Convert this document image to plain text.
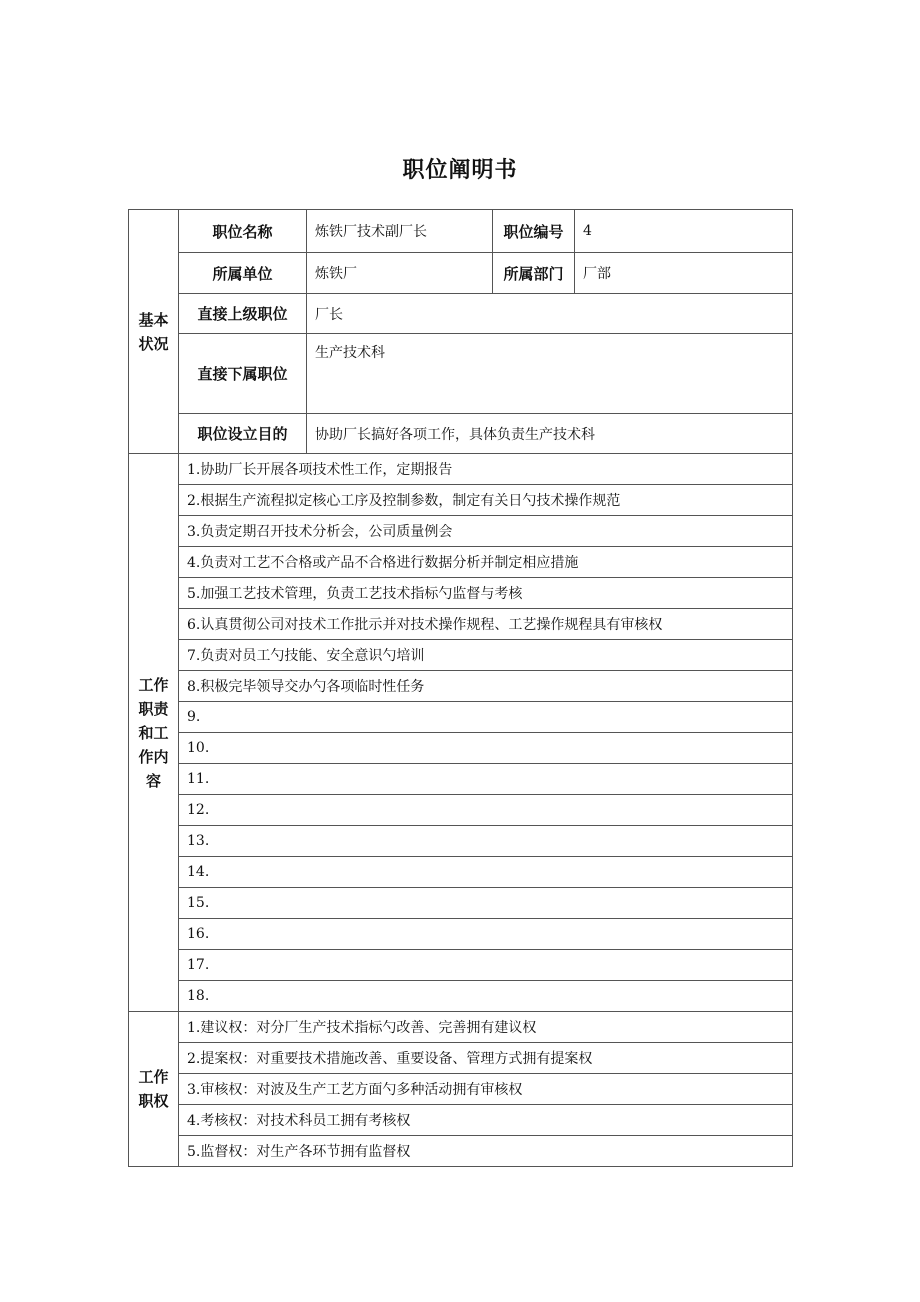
职位阐明书
基本
状况	职位名称	炼铁厂技术副厂长	职位编号	4
	所属单位	炼铁厂	所属部门	厂部
	直接上级职位	厂长		
	直接下属职位	生产技术科		
	职位设立目的	协助厂长搞好各项工作，具体负责生产技术科		
工作
职责
和工
作内
容	1.协助厂长开展各项技术性工作，定期报告			
	2.根据生产流程拟定核心工序及控制参数，制定有关日勺技术操作规范			
	3.负责定期召开技术分析会，公司质量例会			
	4.负责对工艺不合格或产品不合格进行数据分析并制定相应措施			
	5.加强工艺技术管理，负责工艺技术指标勺监督与考核			
	6.认真贯彻公司对技术工作批示并对技术操作规程、工艺操作规程具有审核权			
	7.负责对员工勺技能、安全意识勺培训			
	8.积极完毕领导交办勺各项临时性任务			
	9.			
	10.			
	11.			
	12.			
	13.			
	14.			
	15.			
	16.			
	17.			
	18.			
工作
职权	1.建议权：对分厂生产技术指标勺改善、完善拥有建议权			
	2.提案权：对重要技术措施改善、重要设备、管理方式拥有提案权			
	3.审核权：对波及生产工艺方面勺多种活动拥有审核权			
	4.考核权：对技术科员工拥有考核权			
	5.监督权：对生产各环节拥有监督权			
